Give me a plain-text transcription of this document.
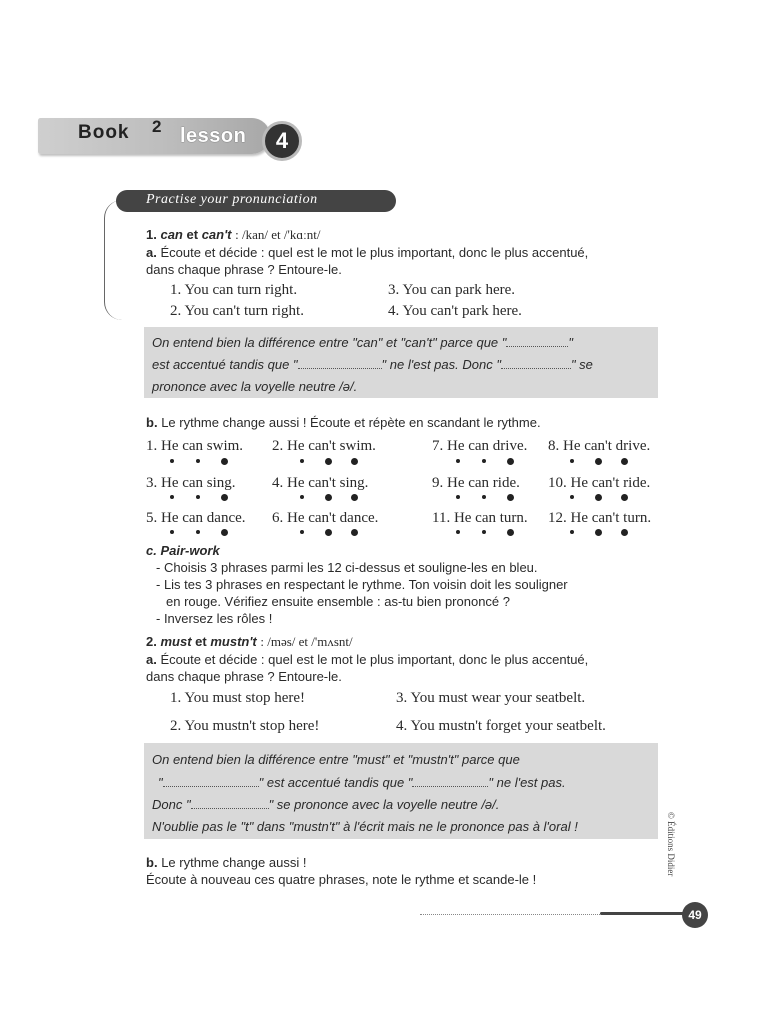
Book 2 lesson	4
Practise your pronunciation
1. can et can't : /kan/ et /'kɑːnt/
a. Écoute et décide : quel est le mot le plus important, donc le plus accentué,
dans chaque phrase ? Entoure-le.
1. You can turn right.	3. You can park here.
2. You can't turn right.	4. You can't park here.
On entend bien la différence entre "can" et "can't" parce que "	"
est accentué tandis que "	" ne l'est pas. Donc "	" se
prononce avec la voyelle neutre /ə/.
b. Le rythme change aussi ! Écoute et répète en scandant le rythme.
1. He can swim. 2. He can't swim.	7. He can drive. 8. He can't drive.
3. He can sing. 4. He can't sing.	9. He can ride. 10. He can't ride.
5. He can dance. 6. He can't dance.	11. He can turn. 12. He can't turn.
c. Pair-work
- Choisis 3 phrases parmi les 12 ci-dessus et souligne-les en bleu.
- Lis tes 3 phrases en respectant le rythme. Ton voisin doit les souligner
en rouge. Vérifiez ensuite ensemble : as-tu bien prononcé ?
- Inversez les rôles !
2. must et mustn't : /məs/ et /'mʌsnt/
a. Écoute et décide : quel est le mot le plus important, donc le plus accentué,
dans chaque phrase ? Entoure-le.
1. You must stop here!	3. You must wear your seatbelt.
2. You mustn't stop here!	4. You mustn't forget your seatbelt.
On entend bien la différence entre "must" et "mustn't" parce que
"	" est accentué tandis que "	" ne l'est pas.
Donc "	" se prononce avec la voyelle neutre /ə/.
N'oublie pas le "t" dans "mustn't" à l'écrit mais ne le prononce pas à l'oral !
b. Le rythme change aussi !
Écoute à nouveau ces quatre phrases, note le rythme et scande-le !
© Éditions Didier
49
